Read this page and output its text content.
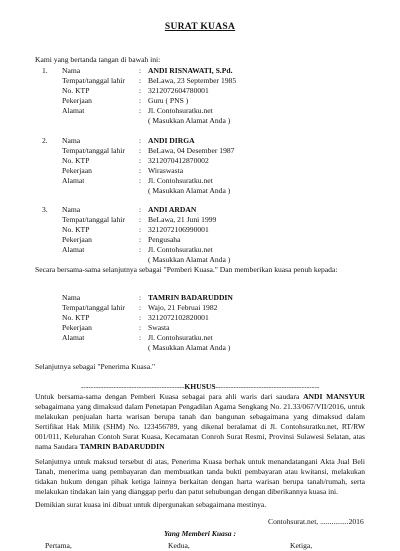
SURAT KUASA
Kami yang bertanda tangan di bawah ini:
1. Nama	: ANDI RISNAWATI, S.Pd.
Tempat/tanggal lahir : BeLawa, 23 September 1985
No. KTP	: 3212072604780001
Pekerjaan	: Guru ( PNS )
Alamat	: Jl. Contohsuratku.net
( Masukkan Alamat Anda )
2. Nama	: ANDI DIRGA
Tempat/tanggal lahir : BeLawa, 04 Desember 1987
No. KTP	: 3212070412870002
Pekerjaan	: Wiraswasta
Alamat	: Jl. Contohsuratku.net
( Masukkan Alamat Anda )
3. Nama	: ANDI ARDAN
Tempat/tanggal lahir : BeLawa, 21 Juni 1999
No. KTP	: 3212072106990001
Pekerjaan	: Pengusaha
Alamat	: Jl. Contohsuratku.net
( Masukkan Alamat Anda )
Secara bersama-sama selanjutnya sebagai "Pemberi Kuasa." Dan memberikan kuasa penuh kepada:
Nama	: TAMRIN BADARUDDIN
Tempat/tanggal lahir : Wajo, 21 Februai 1982
No. KTP	: 3212072102820001
Pekerjaan	: Swasta
Alamat	: Jl. Contohsuratku.net
( Masukkan Alamat Anda )
Selanjutnya sebagai "Penerima Kuasa."
-----------------------------------------KHUSUS-----------------------------------------
Untuk bersama-sama dengan Pemberi Kuasa sebagai para ahli waris dari saudara ANDI MANSYUR sebagaimana yang dimaksud dalam Penetapan Pengadilan Agama Sengkang No. 21.33/067/VII/2016, untuk melakukan penjualan harta warisan berupa tanah dan bangunan sebagaimana yang dimaksud dalam Sertifikat Hak Milik (SHM) No. 123456789, yang dikenal beralamat di Jl. Contohsuratku.net, RT/RW 001/011, Kelurahan Contoh Surat Kuasa, Kecamatan Conroh Surat Resmi, Provinsi Sulawesi Selatan, atas nama Saudara TAMRIN BADARUDDIN
Selanjutnya untuk maksud tersebut di atas, Penerima Kuasa berhak untuk menandatangani Akta Jual Beli Tanah, menerima uang pembayaran dan membuatkan tanda bukti pembayaran atau kwitansi, melakukan tidakan hukum dengan pihak ketiga lainnya berkaitan dengan harta warisan berupa tanah/rumah, serta melakukan tindakan lain yang dianggap perlu dan patut sehubungan dengan diberikannya kuasa ini.
Demikian surat kuasa ini dibuat untuk dipergunakan sebagaimana mestinya.
Yang Memberi Kuasa :
Contohsurat.net, ...............2016
Pertama,	Kedua,	Ketiga,
